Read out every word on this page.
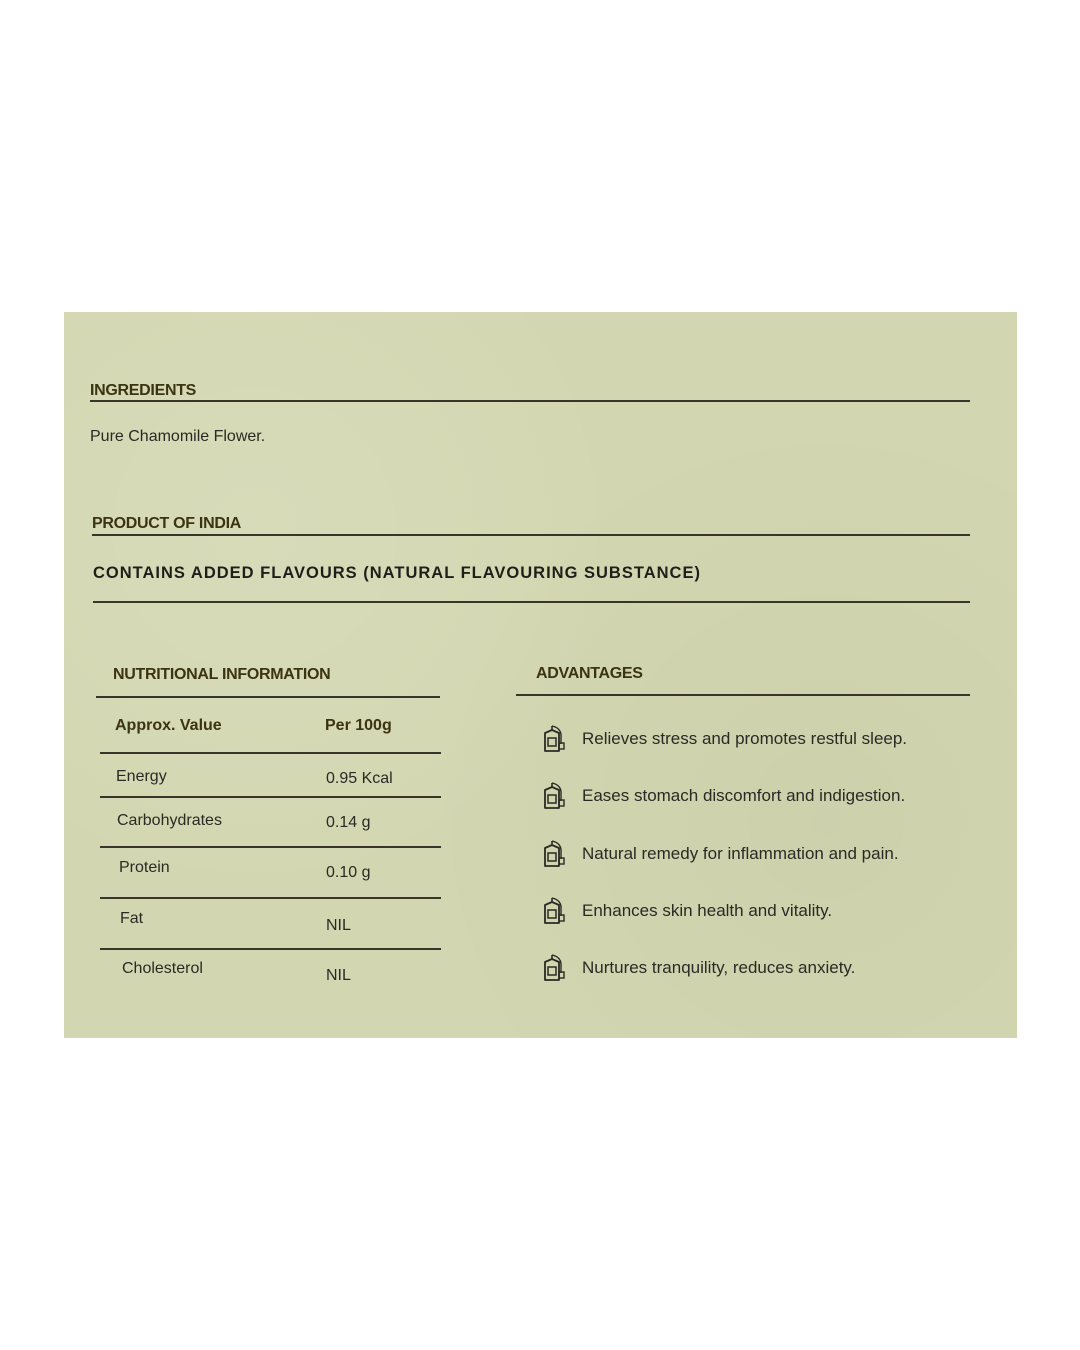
INGREDIENTS
Pure Chamomile Flower.
PRODUCT OF INDIA
CONTAINS ADDED FLAVOURS (NATURAL FLAVOURING SUBSTANCE)
NUTRITIONAL INFORMATION
Approx. Value	Per 100g
Energy	0.95 Kcal
Carbohydrates	0.14 g
Protein	0.10 g
Fat	NIL
Cholesterol	NIL
ADVANTAGES
Relieves stress and promotes restful sleep.
Eases stomach discomfort and indigestion.
Natural remedy for inflammation and pain.
Enhances skin health and vitality.
Nurtures tranquility, reduces anxiety.
